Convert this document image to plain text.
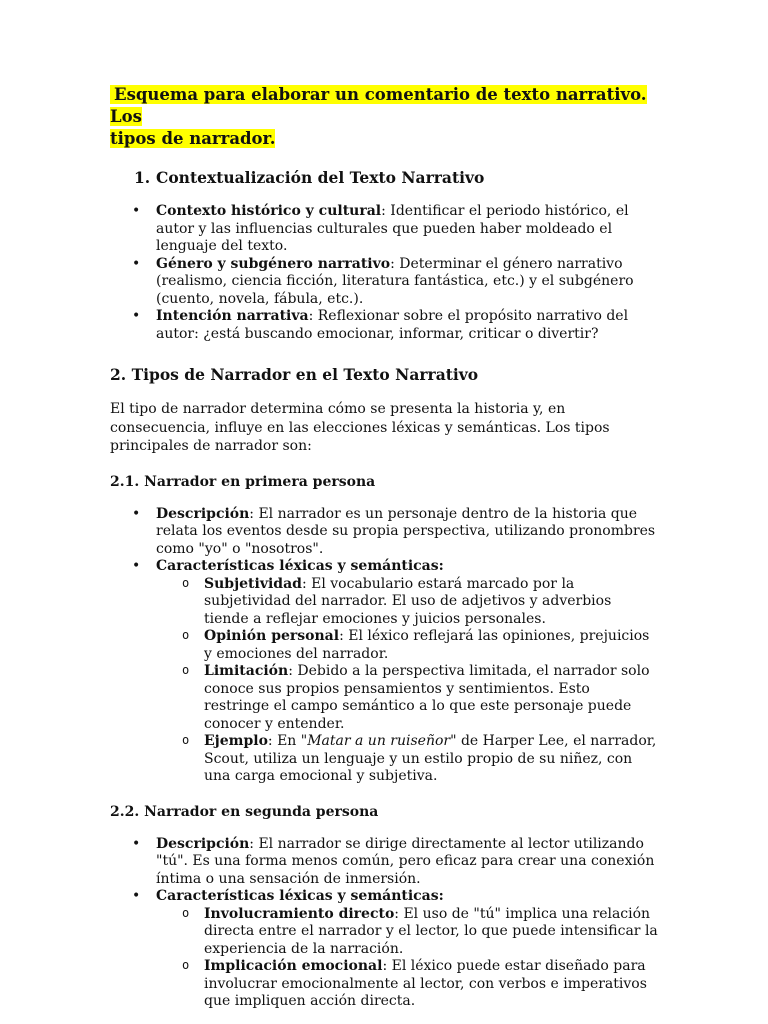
Esquema para elaborar un comentario de texto narrativo. Los
tipos de narrador.
1. Contextualización del Texto Narrativo
• Contexto histórico y cultural: Identificar el periodo histórico, el autor y las influencias culturales que pueden haber moldeado el lenguaje del texto.
• Género y subgénero narrativo: Determinar el género narrativo (realismo, ciencia ficción, literatura fantástica, etc.) y el subgénero (cuento, novela, fábula, etc.).
• Intención narrativa: Reflexionar sobre el propósito narrativo del autor: ¿está buscando emocionar, informar, criticar o divertir?
2. Tipos de Narrador en el Texto Narrativo

El tipo de narrador determina cómo se presenta la historia y, en consecuencia, influye en las elecciones léxicas y semánticas. Los tipos principales de narrador son:

2.1. Narrador en primera persona
• Descripción: El narrador es un personaje dentro de la historia que relata los eventos desde su propia perspectiva, utilizando pronombres como "yo" o "nosotros".
• Características léxicas y semánticas:
o Subjetividad: El vocabulario estará marcado por la subjetividad del narrador. El uso de adjetivos y adverbios tiende a reflejar emociones y juicios personales.
o Opinión personal: El léxico reflejará las opiniones, prejuicios y emociones del narrador.
o Limitación: Debido a la perspectiva limitada, el narrador solo conoce sus propios pensamientos y sentimientos. Esto restringe el campo semántico a lo que este personaje puede conocer y entender.
o Ejemplo: En "Matar a un ruiseñor" de Harper Lee, el narrador, Scout, utiliza un lenguaje y un estilo propio de su niñez, con una carga emocional y subjetiva.
2.2. Narrador en segunda persona
• Descripción: El narrador se dirige directamente al lector utilizando "tú". Es una forma menos común, pero eficaz para crear una conexión íntima o una sensación de inmersión.
• Características léxicas y semánticas:
o Involucramiento directo: El uso de "tú" implica una relación directa entre el narrador y el lector, lo que puede intensificar la experiencia de la narración.
o Implicación emocional: El léxico puede estar diseñado para involucrar emocionalmente al lector, con verbos e imperativos que impliquen acción directa.
